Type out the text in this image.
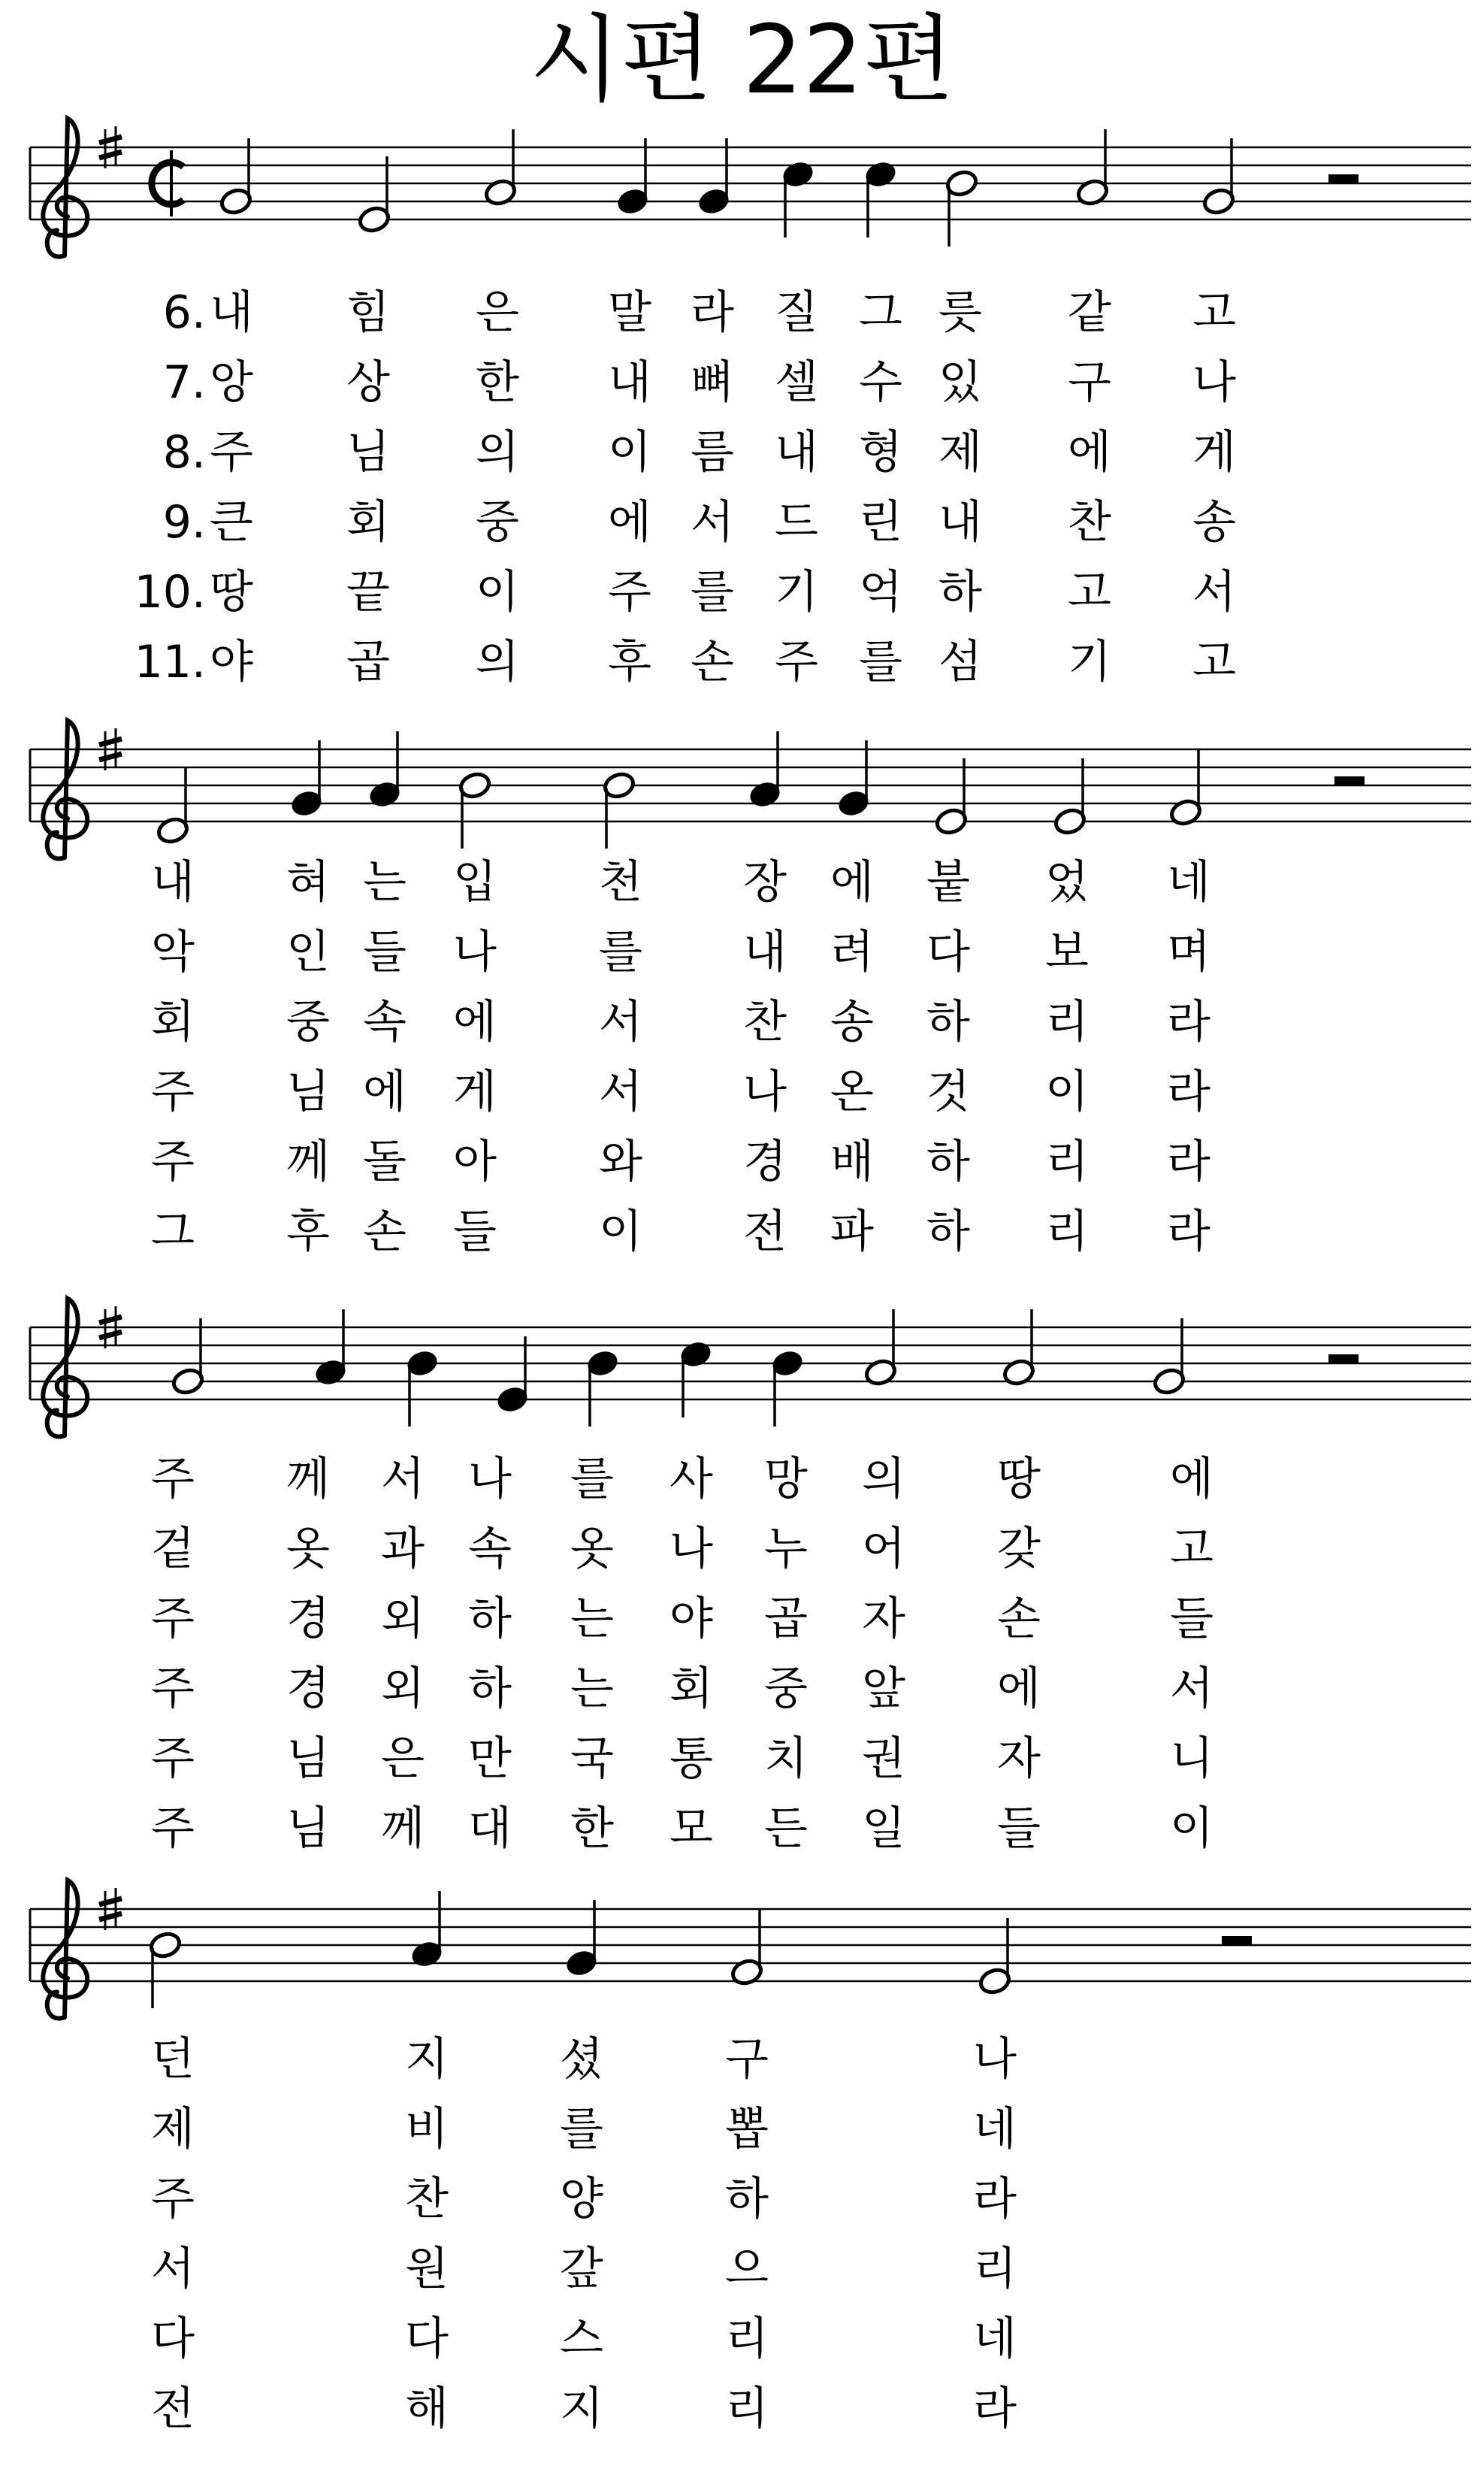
시편 22편
내
6.	힘 은 말 라 질 그 릇 같 고
앙
7.	상 한 내 뼈 셀 수 있 구 나
주
8.	님 의 이 름 내 형 제 에 게
큰
9.	회 중 에 서 드 린 내 찬 송
땅
10.	끝 이 주 를 기 억 하 고 서
야
11.	곱 의 후 손 주 를 섬 기 고
내 혀 는 입 천 장 에 붙 었 네
악 인 들 나 를 내 려 다 보 며
회 중 속 에 서 찬 송 하 리 라
주 님 에 게 서 나 온 것 이 라
주 께 돌 아 와 경 배 하 리 라
그 후 손 들 이 전 파 하 리 라
주 께 서 나 를 사 망 의 땅	에
겉 옷 과 속 옷 나 누 어 갖	고
주 경 외 하 는 야 곱 자 손	들
주 경 외 하 는 회 중 앞 에	서
주 님 은 만 국 통 치 권 자	니
주 님 께 대 한 모 든 일 들	이
던	지 셨	구	나
제	비 를	뽑	네
주	찬 양	하	라
서	원 갚	으	리
다	다 스	리	네
전	해 지	리	라
